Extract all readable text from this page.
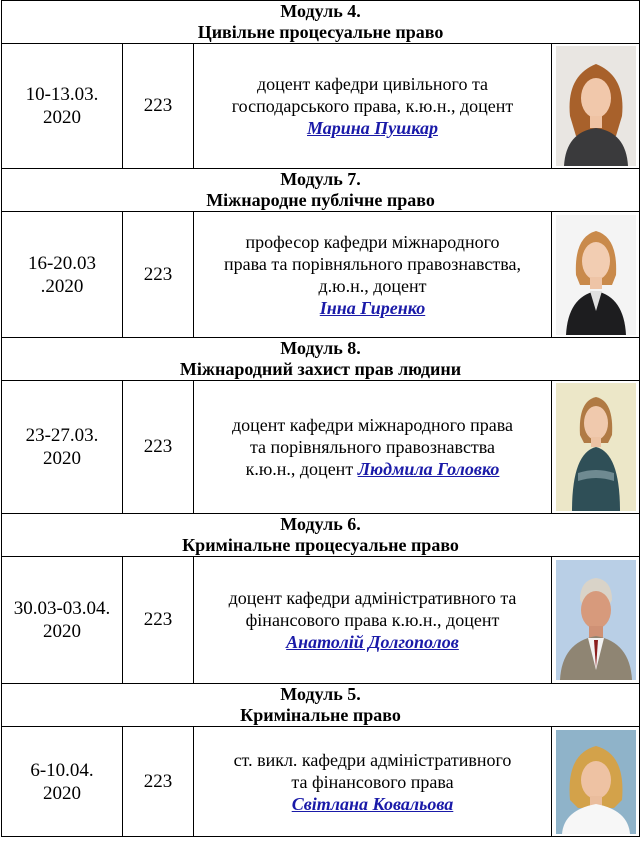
Модуль 4.
Цивільне процесуальне право			

10-13.03.
2020	223	доцент кафедри цивільного та
господарського права, к.ю.н., доцент
Марина Пушкар	

Модуль 7.
Міжнародне публічне право			

16-20.03
.2020	223	професор кафедри міжнародного
права та порівняльного правознавства,
д.ю.н., доцент
Інна Гиренко	

Модуль 8.
Міжнародний захист прав людини			

23-27.03.
2020	223	доцент кафедри міжнародного права
та порівняльного правознавства
к.ю.н., доцент Людмила Головко	

Модуль 6.
Кримінальне процесуальне право			

30.03-03.04.
2020	223	доцент кафедри адміністративного та
фінансового права к.ю.н., доцент
Анатолій Долгополов	

Модуль 5.
Кримінальне право			

6-10.04.
2020	223	ст. викл. кафедри адміністративного
та фінансового права
Світлана Ковальова	
